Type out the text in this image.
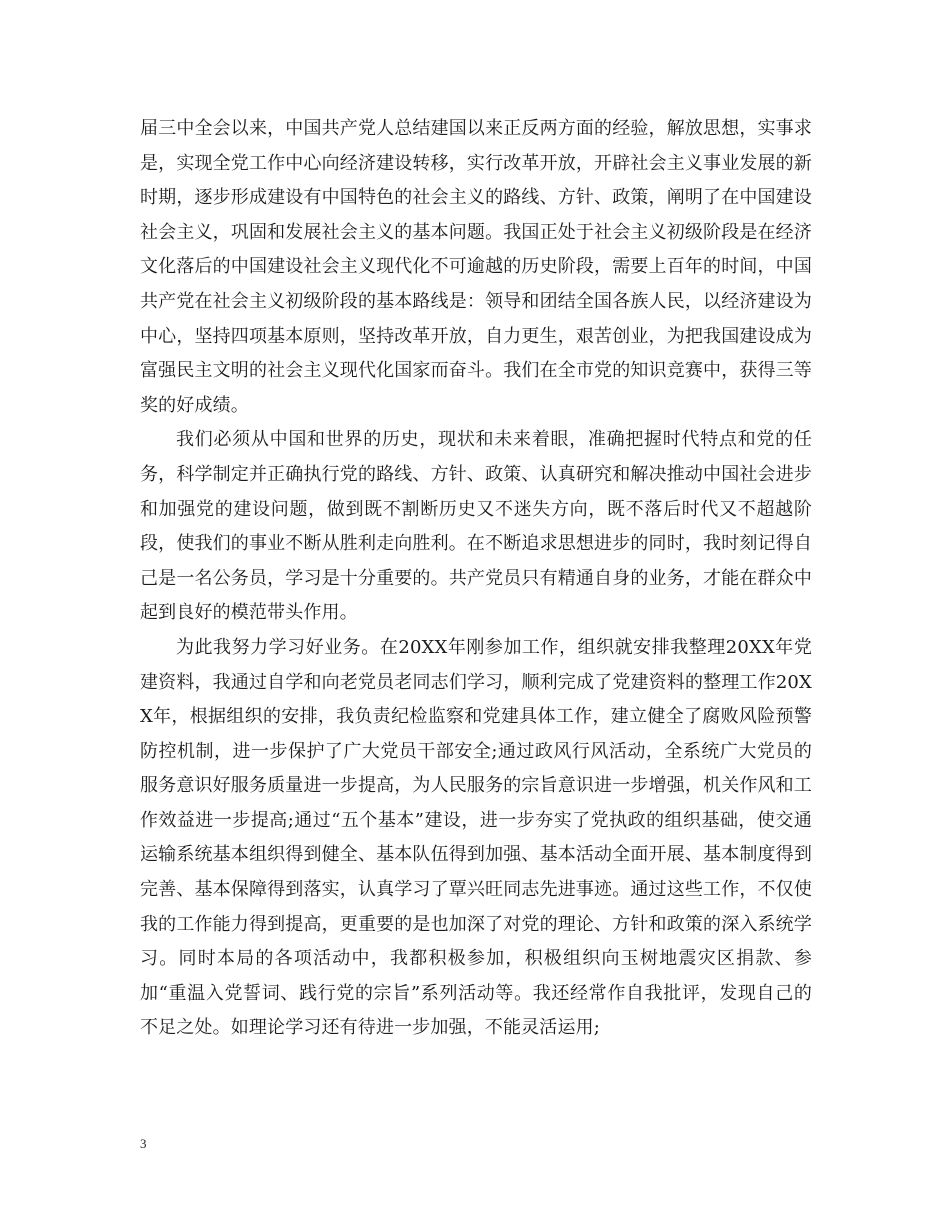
届三中全会以来，中国共产党人总结建国以来正反两方面的经验，解放思想，实事求是，实现全党工作中心向经济建设转移，实行改革开放，开辟社会主义事业发展的新时期，逐步形成建设有中国特色的社会主义的路线、方针、政策，阐明了在中国建设社会主义，巩固和发展社会主义的基本问题。我国正处于社会主义初级阶段是在经济文化落后的中国建设社会主义现代化不可逾越的历史阶段，需要上百年的时间，中国共产党在社会主义初级阶段的基本路线是：领导和团结全国各族人民，以经济建设为中心，坚持四项基本原则，坚持改革开放，自力更生，艰苦创业，为把我国建设成为富强民主文明的社会主义现代化国家而奋斗。我们在全市党的知识竞赛中，获得三等奖的好成绩。

我们必须从中国和世界的历史，现状和未来着眼，准确把握时代特点和党的任务，科学制定并正确执行党的路线、方针、政策、认真研究和解决推动中国社会进步和加强党的建设问题，做到既不割断历史又不迷失方向，既不落后时代又不超越阶段，使我们的事业不断从胜利走向胜利。在不断追求思想进步的同时，我时刻记得自己是一名公务员，学习是十分重要的。共产党员只有精通自身的业务，才能在群众中起到良好的模范带头作用。

为此我努力学习好业务。在20XX年刚参加工作，组织就安排我整理20XX年党建资料，我通过自学和向老党员老同志们学习，顺利完成了党建资料的整理工作20XX年，根据组织的安排，我负责纪检监察和党建具体工作，建立健全了腐败风险预警防控机制，进一步保护了广大党员干部安全;通过政风行风活动，全系统广大党员的服务意识好服务质量进一步提高，为人民服务的宗旨意识进一步增强，机关作风和工作效益进一步提高;通过“五个基本”建设，进一步夯实了党执政的组织基础，使交通运输系统基本组织得到健全、基本队伍得到加强、基本活动全面开展、基本制度得到完善、基本保障得到落实，认真学习了覃兴旺同志先进事迹。通过这些工作，不仅使我的工作能力得到提高，更重要的是也加深了对党的理论、方针和政策的深入系统学习。同时本局的各项活动中，我都积极参加，积极组织向玉树地震灾区捐款、参加“重温入党誓词、践行党的宗旨”系列活动等。我还经常作自我批评，发现自己的不足之处。如理论学习还有待进一步加强，不能灵活运用;

3
